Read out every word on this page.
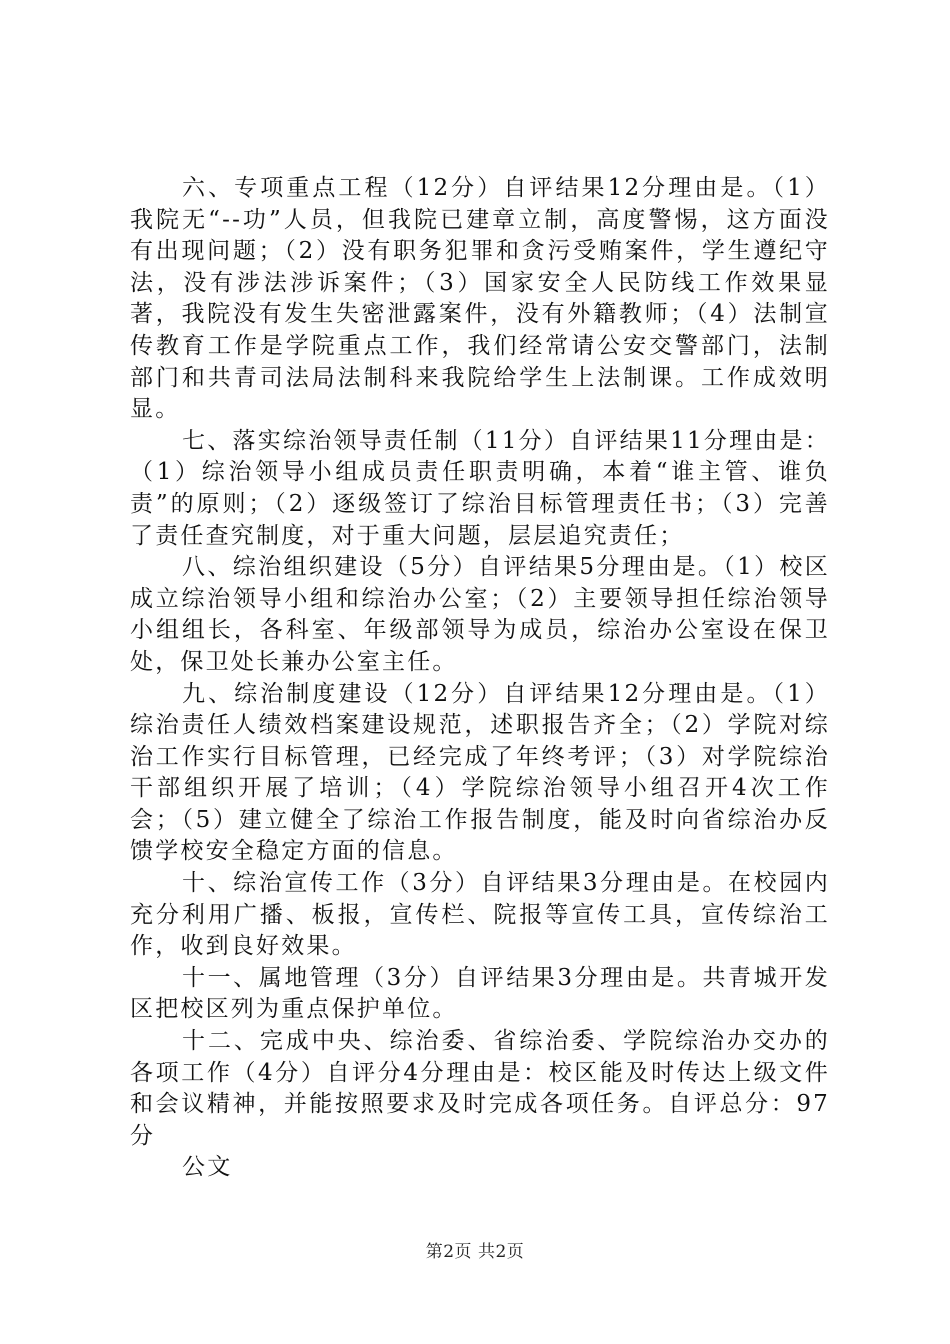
六、专项重点工程（12分）自评结果12分理由是。（1）我院无“--功”人员，但我院已建章立制，高度警惕，这方面没有出现问题；（2）没有职务犯罪和贪污受贿案件，学生遵纪守法，没有涉法涉诉案件；（3）国家安全人民防线工作效果显著，我院没有发生失密泄露案件，没有外籍教师；（4）法制宣传教育工作是学院重点工作，我们经常请公安交警部门，法制部门和共青司法局法制科来我院给学生上法制课。工作成效明显。

七、落实综治领导责任制（11分）自评结果11分理由是：（1）综治领导小组成员责任职责明确，本着“谁主管、谁负责”的原则；（2）逐级签订了综治目标管理责任书；（3）完善了责任查究制度，对于重大问题，层层追究责任；

八、综治组织建设（5分）自评结果5分理由是。（1）校区成立综治领导小组和综治办公室；（2）主要领导担任综治领导小组组长，各科室、年级部领导为成员，综治办公室设在保卫处，保卫处长兼办公室主任。

九、综治制度建设（12分）自评结果12分理由是。（1）综治责任人绩效档案建设规范，述职报告齐全；（2）学院对综治工作实行目标管理，已经完成了年终考评；（3）对学院综治干部组织开展了培训；（4）学院综治领导小组召开4次工作会；（5）建立健全了综治工作报告制度，能及时向省综治办反馈学校安全稳定方面的信息。

十、综治宣传工作（3分）自评结果3分理由是。在校园内充分利用广播、板报，宣传栏、院报等宣传工具，宣传综治工作，收到良好效果。

十一、属地管理（3分）自评结果3分理由是。共青城开发区把校区列为重点保护单位。

十二、完成中央、综治委、省综治委、学院综治办交办的各项工作（4分）自评分4分理由是：校区能及时传达上级文件和会议精神，并能按照要求及时完成各项任务。自评总分：97分

公文

第2页 共2页
